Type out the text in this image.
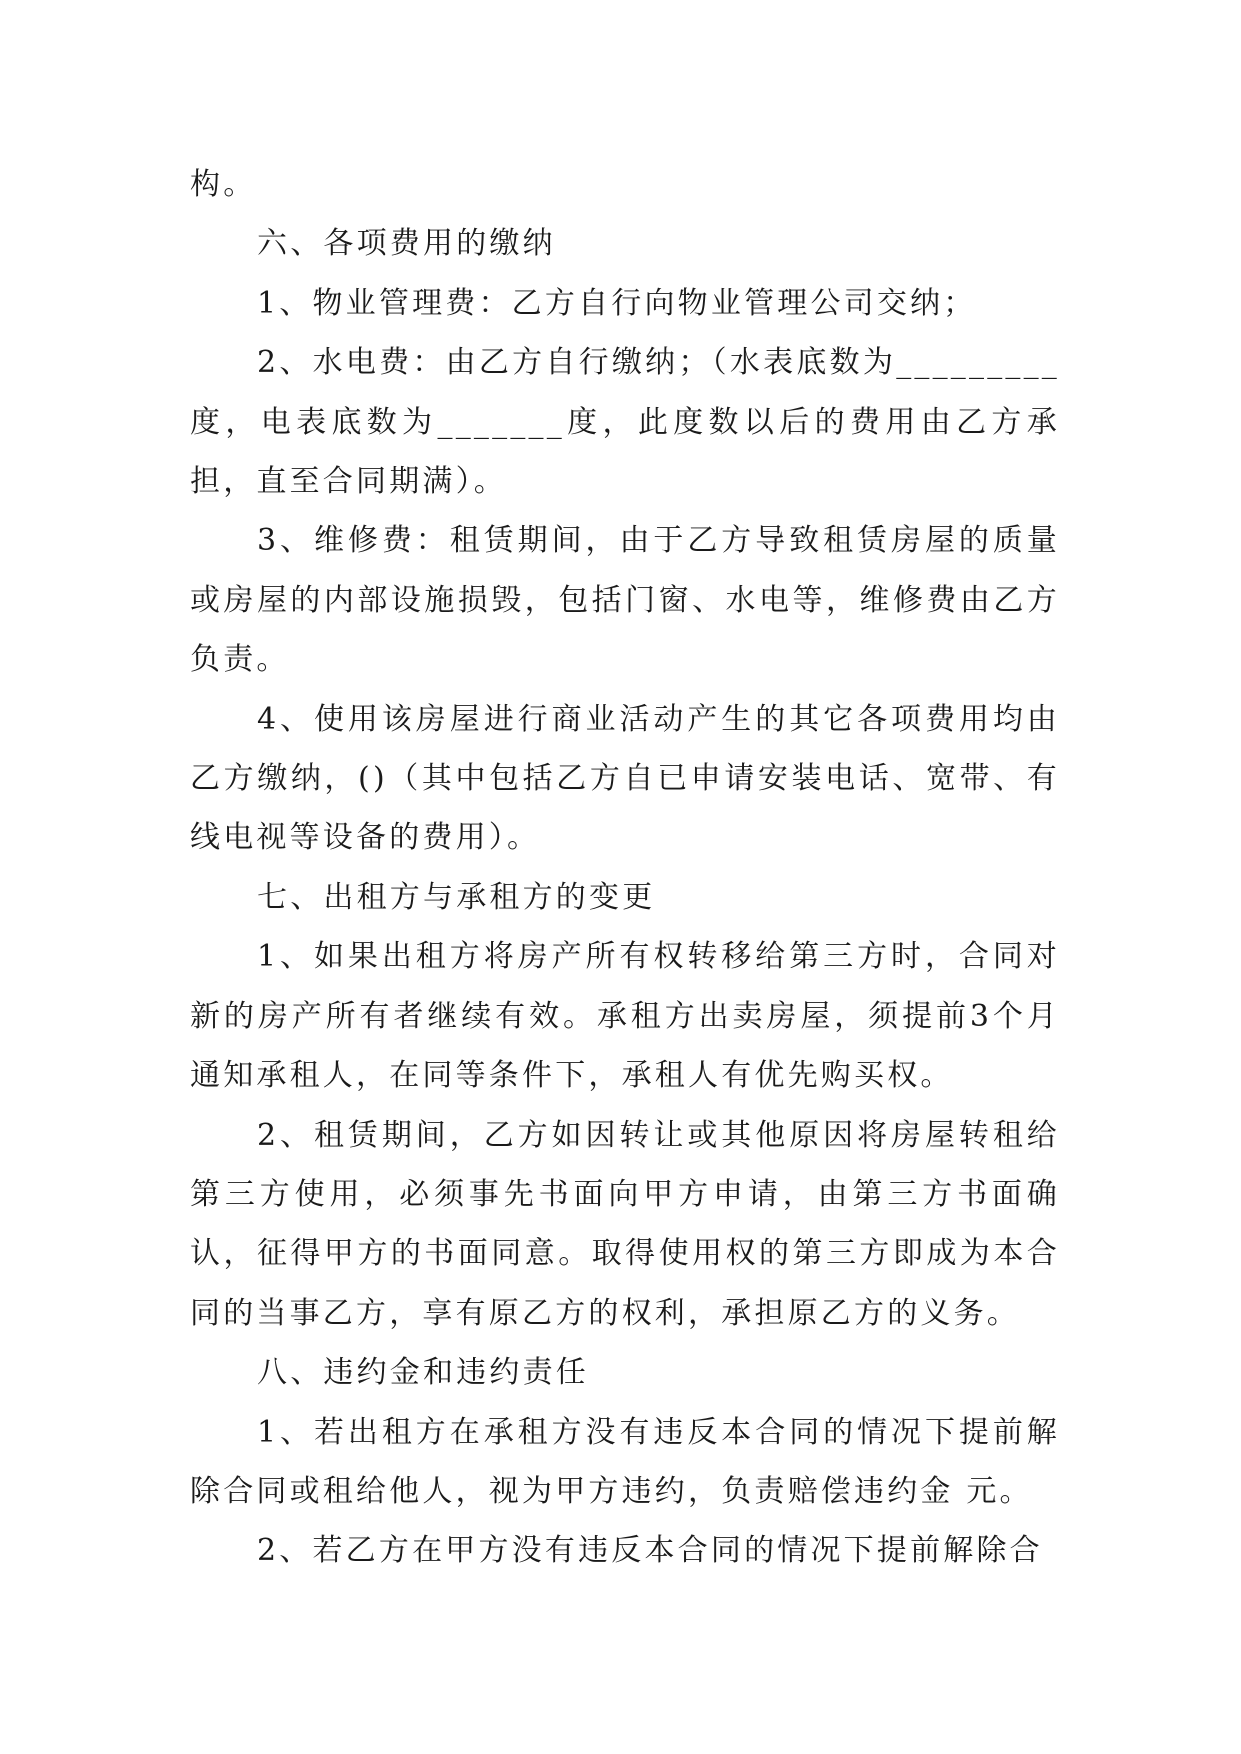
构。

六、各项费用的缴纳

1、物业管理费：乙方自行向物业管理公司交纳；

2、水电费：由乙方自行缴纳；（水表底数为_________度，电表底数为_______度，此度数以后的费用由乙方承担，直至合同期满）。

3、维修费：租赁期间，由于乙方导致租赁房屋的质量或房屋的内部设施损毁，包括门窗、水电等，维修费由乙方负责。

4、使用该房屋进行商业活动产生的其它各项费用均由乙方缴纳，()（其中包括乙方自已申请安装电话、宽带、有线电视等设备的费用）。

七、出租方与承租方的变更

1、如果出租方将房产所有权转移给第三方时，合同对新的房产所有者继续有效。承租方出卖房屋，须提前3个月通知承租人，在同等条件下，承租人有优先购买权。

2、租赁期间，乙方如因转让或其他原因将房屋转租给第三方使用，必须事先书面向甲方申请，由第三方书面确认，征得甲方的书面同意。取得使用权的第三方即成为本合同的当事乙方，享有原乙方的权利，承担原乙方的义务。

八、违约金和违约责任

1、若出租方在承租方没有违反本合同的情况下提前解除合同或租给他人，视为甲方违约，负责赔偿违约金 元。

2、若乙方在甲方没有违反本合同的情况下提前解除合
